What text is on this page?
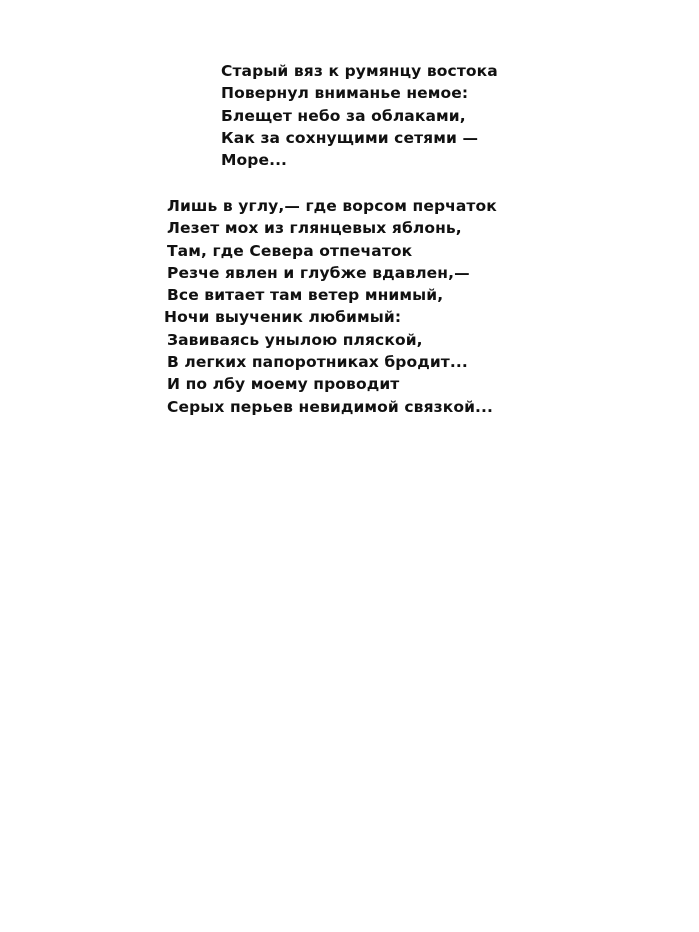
Старый вяз к румянцу востока
Повернул вниманье немое:
Блещет небо за облаками,
Как за сохнущими сетями —
Море...
Лишь в углу,— где ворсом перчаток
Лезет мох из глянцевых яблонь,
Там, где Севера отпечаток
Резче явлен и глубже вдавлен,—
Все витает там ветер мнимый,
Ночи выученик любимый:
Завиваясь унылою пляской,
В легких папоротниках бродит...
И по лбу моему проводит
Серых перьев невидимой связкой...
